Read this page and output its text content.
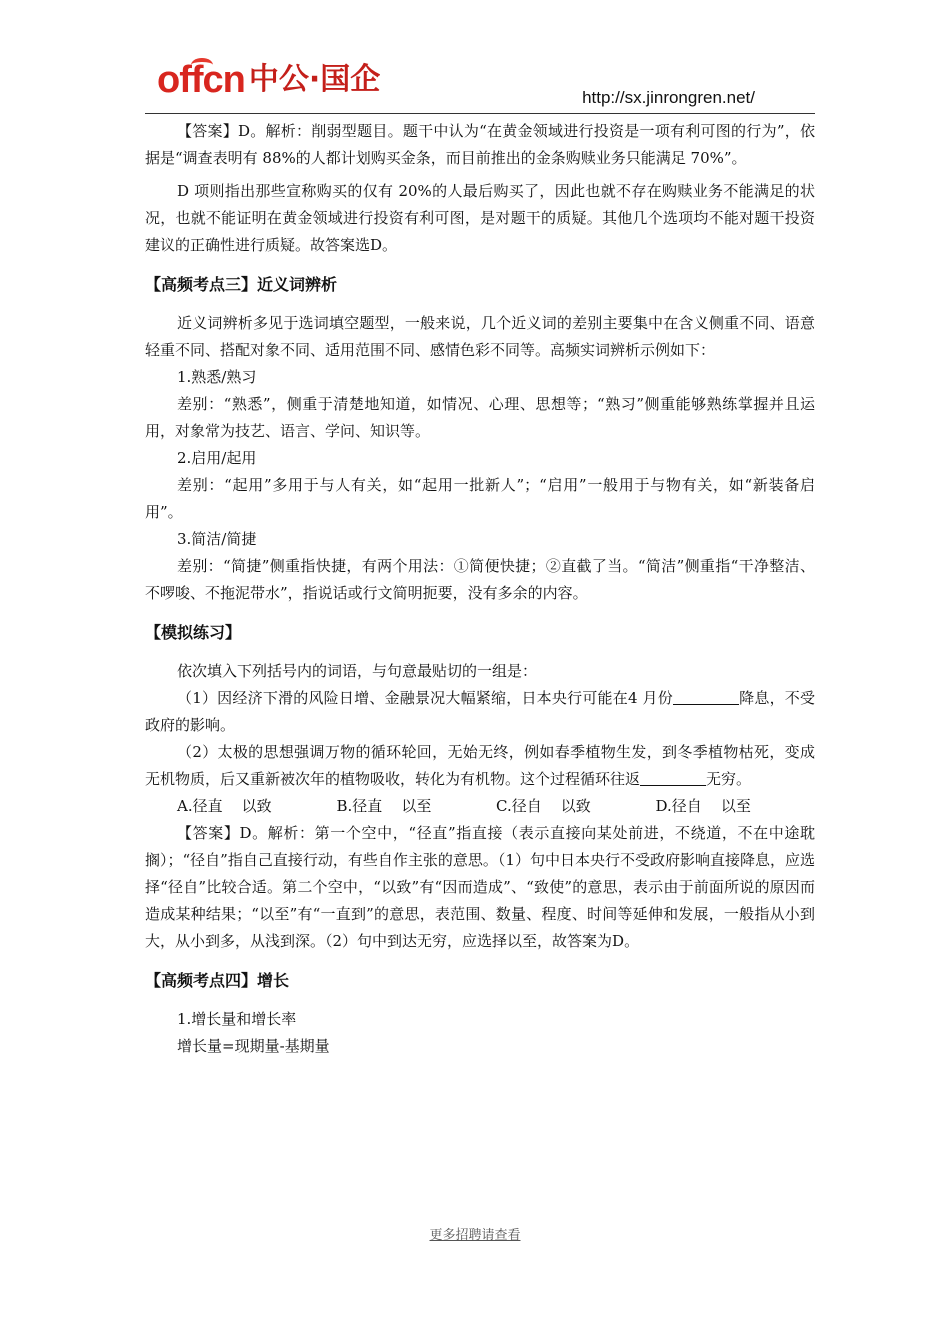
offcn 中公·国企
http://sx.jinrongren.net/

【答案】D。解析：削弱型题目。题干中认为“在黄金领域进行投资是一项有利可图的行为”，依据是“调查表明有 88%的人都计划购买金条，而目前推出的金条购赎业务只能满足 70%”。

D 项则指出那些宣称购买的仅有 20%的人最后购买了，因此也就不存在购赎业务不能满足的状况，也就不能证明在黄金领域进行投资有利可图，是对题干的质疑。其他几个选项均不能对题干投资建议的正确性进行质疑。故答案选D。

【高频考点三】近义词辨析

近义词辨析多见于选词填空题型，一般来说，几个近义词的差别主要集中在含义侧重不同、语意轻重不同、搭配对象不同、适用范围不同、感情色彩不同等。高频实词辨析示例如下：

1.熟悉/熟习

差别：“熟悉”，侧重于清楚地知道，如情况、心理、思想等；“熟习”侧重能够熟练掌握并且运用，对象常为技艺、语言、学问、知识等。

2.启用/起用

差别：“起用”多用于与人有关，如“起用一批新人”；“启用”一般用于与物有关，如“新装备启用”。

3.简洁/简捷

差别：“简捷”侧重指快捷，有两个用法：①简便快捷；②直截了当。“简洁”侧重指“干净整洁、不啰唆、不拖泥带水”，指说话或行文简明扼要，没有多余的内容。

【模拟练习】

依次填入下列括号内的词语，与句意最贴切的一组是：

（1）因经济下滑的风险日增、金融景况大幅紧缩，日本央行可能在4 月份	降息，不受政府的影响。

（2）太极的思想强调万物的循环轮回，无始无终，例如春季植物生发，到冬季植物枯死，变成无机物质，后又重新被次年的植物吸收，转化为有机物。这个过程循环往返	无穷。

A.径直    以致	B.径直    以至	C.径自    以致	D.径自    以至

【答案】D。解析：第一个空中，“径直”指直接（表示直接向某处前进，不绕道，不在中途耽搁）；“径自”指自己直接行动，有些自作主张的意思。（1）句中日本央行不受政府影响直接降息，应选择“径自”比较合适。第二个空中，“以致”有“因而造成”、“致使”的意思，表示由于前面所说的原因而造成某种结果；“以至”有“一直到”的意思，表范围、数量、程度、时间等延伸和发展，一般指从小到大，从小到多，从浅到深。（2）句中到达无穷，应选择以至，故答案为D。

【高频考点四】增长

1.增长量和增长率

增长量=现期量-基期量

更多招聘请查看
